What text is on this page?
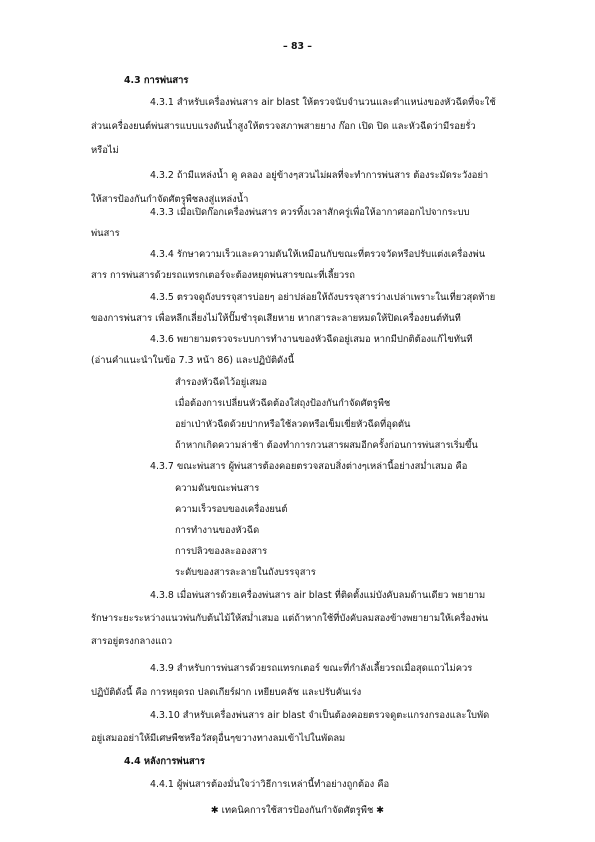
– 83 –
4.3 การพ่นสาร
4.3.1 สำหรับเครื่องพ่นสาร air blast ให้ตรวจนับจำนวนและตำแหน่งของหัวฉีดที่จะใช้
ส่วนเครื่องยนต์พ่นสารแบบแรงดันน้ำสูงให้ตรวจสภาพสายยาง ก๊อก เปิด ปิด และหัวฉีดว่ามีรอยรั่ว
หรือไม่
4.3.2 ถ้ามีแหล่งน้ำ คู คลอง อยู่ข้างๆสวนไม่ผลที่จะทำการพ่นสาร ต้องระมัดระวังอย่า
ให้สารป้องกันกำจัดศัตรูพืชลงสู่แหล่งน้ำ
4.3.3 เมื่อเปิดก๊อกเครื่องพ่นสาร ควรทิ้งเวลาสักครู่เพื่อให้อากาศออกไปจากระบบ
พ่นสาร
4.3.4 รักษาความเร็วและความดันให้เหมือนกับขณะที่ตรวจวัดหรือปรับแต่งเครื่องพ่น
สาร การพ่นสารด้วยรถแทรกเตอร์จะต้องหยุดพ่นสารขณะที่เลี้ยวรถ
4.3.5 ตรวจดูถังบรรจุสารบ่อยๆ อย่าปล่อยให้ถังบรรจุสารว่างเปล่าเพราะในเที่ยวสุดท้าย
ของการพ่นสาร เพื่อหลีกเลี่ยงไม่ให้ปั๊มชำรุดเสียหาย หากสารละลายหมดให้ปิดเครื่องยนต์ทันที
4.3.6 พยายามตรวจระบบการทำงานของหัวฉีดอยู่เสมอ หากมีปกติต้องแก้ไขทันที
(อ่านคำแนะนำในข้อ 7.3 หน้า 86) และปฏิบัติดังนี้
สำรองหัวฉีดไว้อยู่เสมอ
เมื่อต้องการเปลี่ยนหัวฉีดต้องใส่ถุงป้องกันกำจัดศัตรูพืช
อย่าเป่าหัวฉีดด้วยปากหรือใช้ลวดหรือเข็มเขี่ยหัวฉีดที่อุดตัน
ถ้าหากเกิดความล่าช้า ต้องทำการกวนสารผสมอีกครั้งก่อนการพ่นสารเริ่มขึ้น
4.3.7 ขณะพ่นสาร ผู้พ่นสารต้องคอยตรวจสอบสิ่งต่างๆเหล่านี้อย่างสม่ำเสมอ คือ
ความดันขณะพ่นสาร
ความเร็วรอบของเครื่องยนต์
การทำงานของหัวฉีด
การปลิวของละอองสาร
ระดับของสารละลายในถังบรรจุสาร
4.3.8 เมื่อพ่นสารด้วยเครื่องพ่นสาร air blast ที่ติดตั้งแม่บังคับลมด้านเดียว พยายาม
รักษาระยะระหว่างแนวพ่นกับต้นไม้ให้สม่ำเสมอ แต่ถ้าหากใช้ที่บังคับลมสองข้างพยายามให้เครื่องพ่น
สารอยู่ตรงกลางแถว
4.3.9 สำหรับการพ่นสารด้วยรถแทรกเตอร์ ขณะที่กำลังเลี้ยวรถเมื่อสุดแถวไม่ควร
ปฏิบัติดังนี้ คือ การหยุดรถ ปลดเกียร์ฝาก เหยียบคลัช และปรับคันเร่ง
4.3.10 สำหรับเครื่องพ่นสาร air blast จำเป็นต้องคอยตรวจดูตะแกรงกรองและใบพัด
อยู่เสมออย่าให้มีเศษพืชหรือวัสดุอื่นๆขวางทางลมเข้าไปในพัดลม
4.4 หลังการพ่นสาร
4.4.1 ผู้พ่นสารต้องมั่นใจว่าวิธีการเหล่านี้ทำอย่างถูกต้อง คือ
✱ เทคนิคการใช้สารป้องกันกำจัดศัตรูพืช ✱
